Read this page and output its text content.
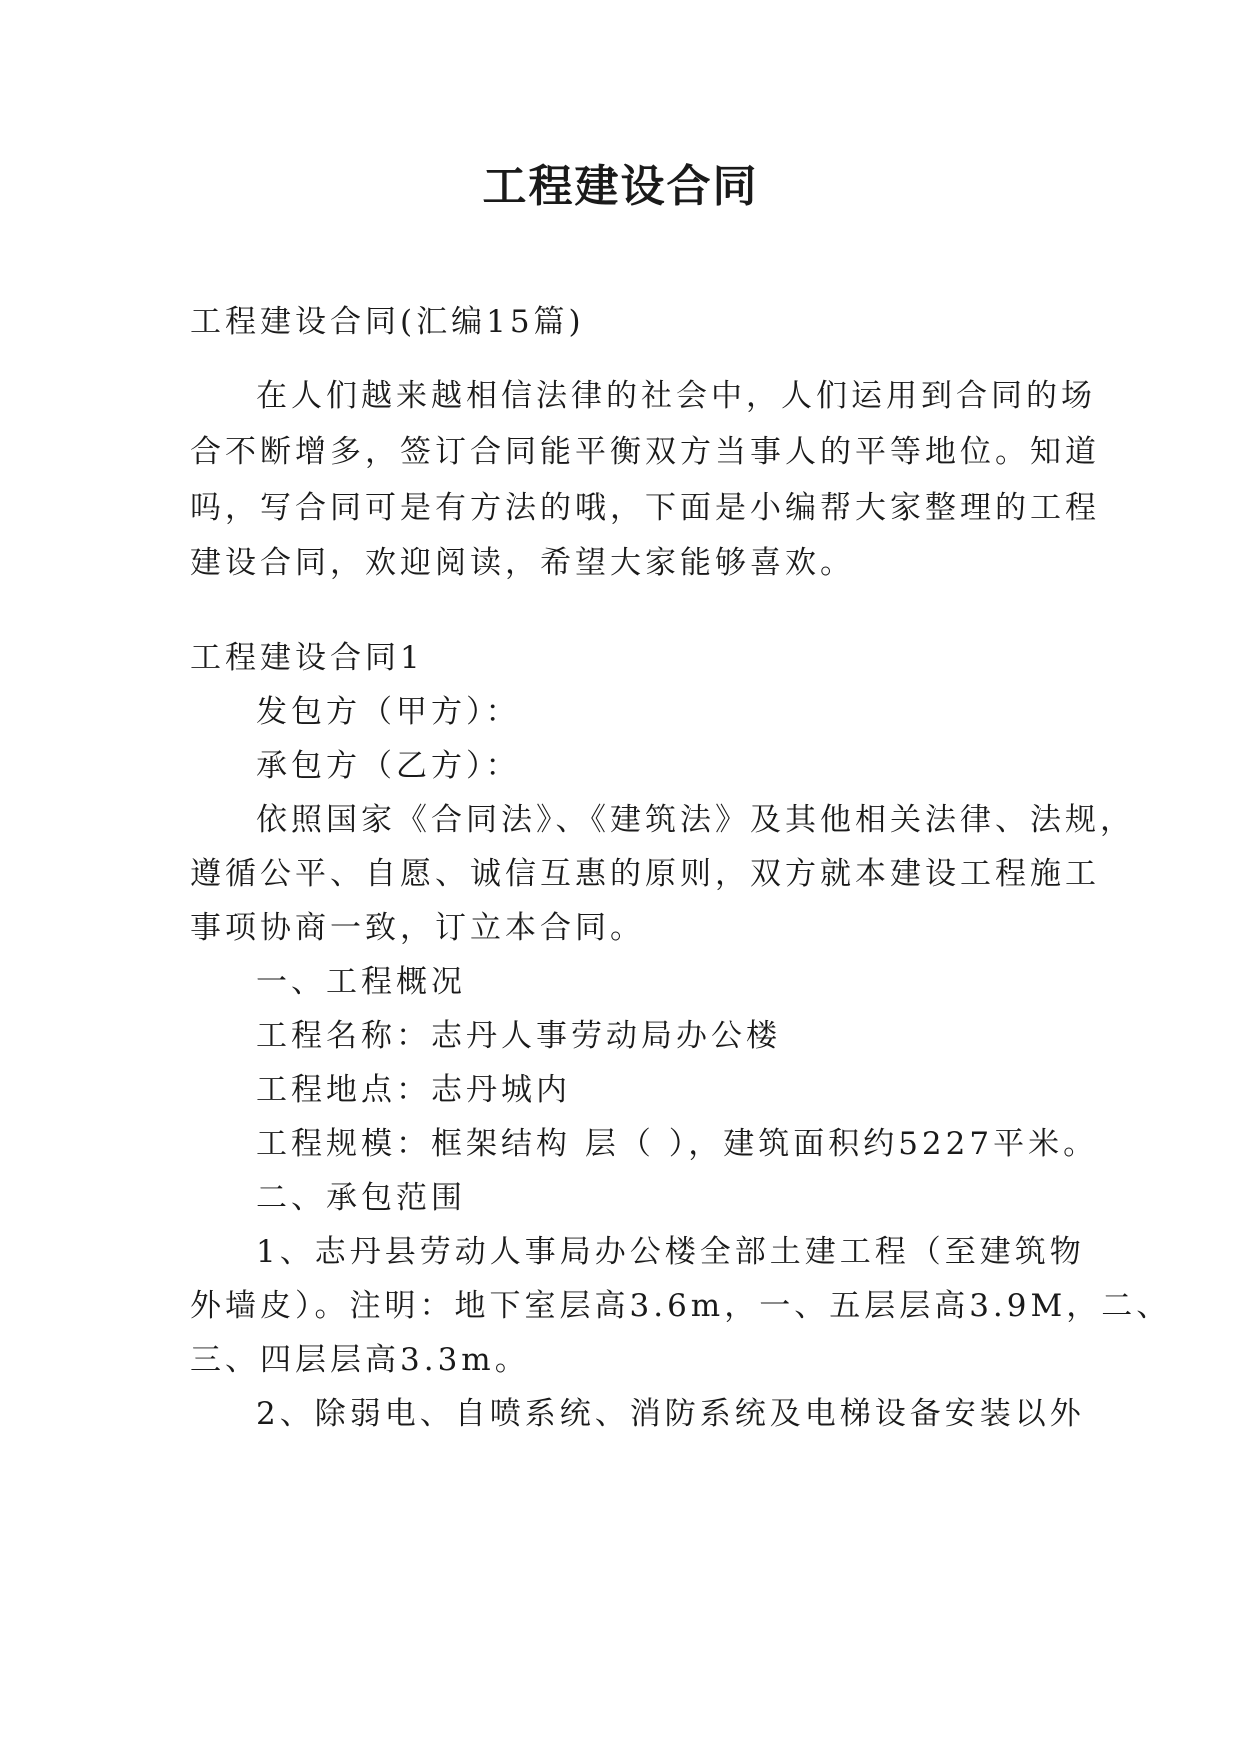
工程建设合同

工程建设合同(汇编15篇)

在人们越来越相信法律的社会中，人们运用到合同的场

合不断增多，签订合同能平衡双方当事人的平等地位。知道

吗，写合同可是有方法的哦，下面是小编帮大家整理的工程

建设合同，欢迎阅读，希望大家能够喜欢。

工程建设合同1

发包方（甲方）：

承包方（乙方）：

依照国家《合同法》、《建筑法》及其他相关法律、法规，

遵循公平、自愿、诚信互惠的原则，双方就本建设工程施工

事项协商一致，订立本合同。

一、工程概况

工程名称：志丹人事劳动局办公楼

工程地点：志丹城内

工程规模：框架结构 层（ ），建筑面积约5227平米。

二、承包范围

1、志丹县劳动人事局办公楼全部土建工程（至建筑物

外墙皮）。注明：地下室层高3.6m，一、五层层高3.9M，二、

三、四层层高3.3m。

2、除弱电、自喷系统、消防系统及电梯设备安装以外
